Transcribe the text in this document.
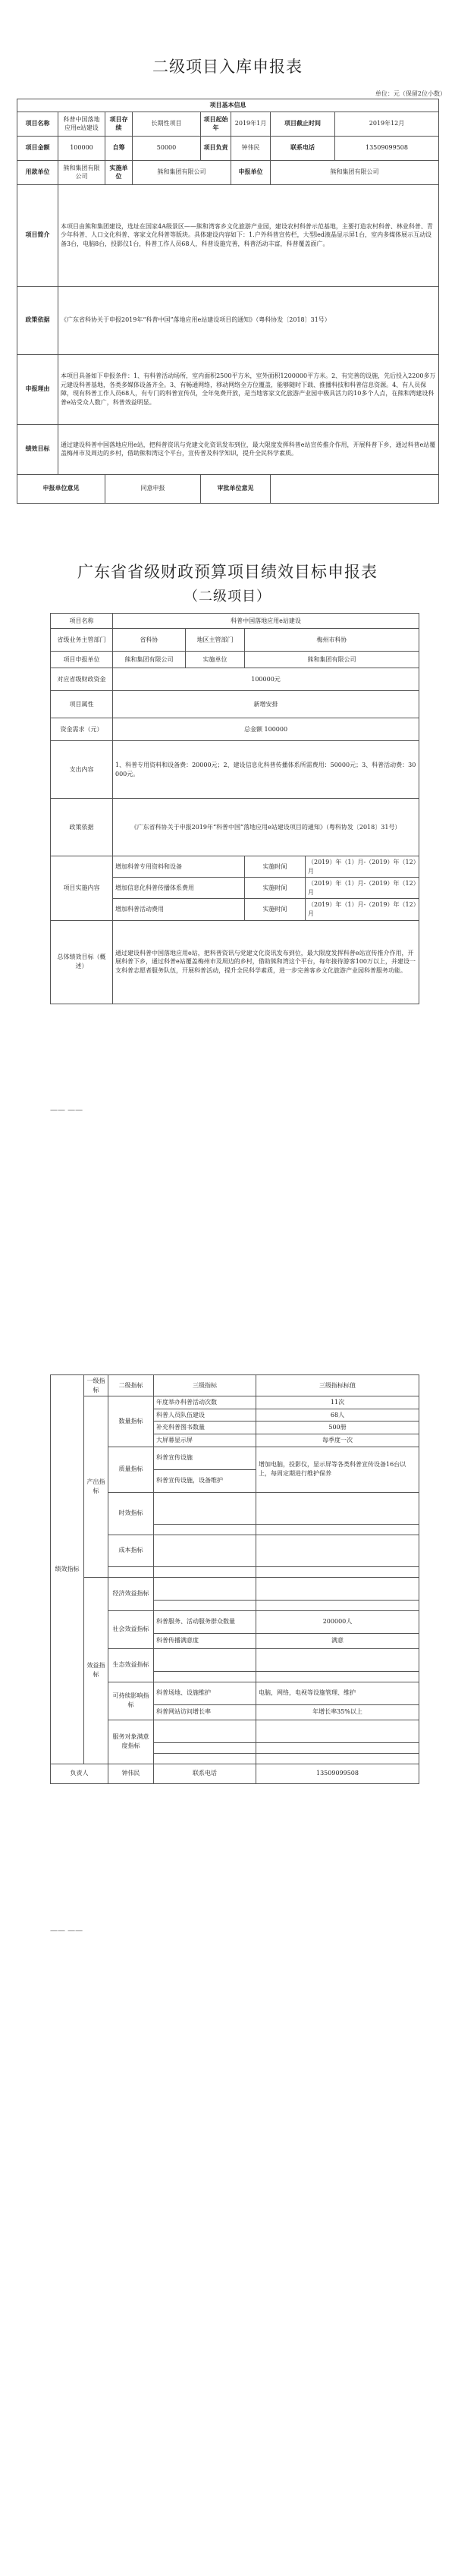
二级项目入库申报表
单位：元（保留2位小数）
项目基本信息							
项目名称	科普中国落地应用e站建设	项目存续	长期性项目	项目起始年	2019年1月	项目截止时间	2019年12月
项目金额	100000	自筹	50000	项目负责	钟伟民	联系电话	13509099508
用款单位	熊和集团有限公司	实施单位	熊和集团有限公司		申报单位	熊和集团有限公司	
项目简介	本项目由熊和集团建设，选址在国家4A级景区——熊和湾客乡文化旅游产业园，建设农村科普示范基地，主要打造农村科普、林业科普、青少年科普、人口文化科普、客家文化科普等版块。具体建设内容如下：1.户外科普宣传栏，大型led液晶显示屏1台，室内多媒体展示互动设备3台，电脑8台，投影仪1台，科普工作人员68人，科普设施完善，科普活动丰富，科普覆盖面广。						
政策依据	《广东省科协关于申报2019年“科普中国”落地应用e站建设项目的通知》（粤科协发〔2018〕31号）						
申报理由	本项目具备如下申报条件：1、有科普活动场所，室内面积2500平方米，室外面积1200000平方米。2、有完善的设施，先后投入2200多万元建设科普基地，各类多媒体设备齐全。3、有畅通网络，移动网络全方位覆盖，能够随时下载、推播科技和科普信息资源。4、有人员保障，现有科普工作人员68人，有专门的科普宣传员，全年免费开放，是当地客家文化旅游产业园中极具活力的10多个人点，在熊和湾建设科普e站受众人数广，科普效益明显。						
绩效目标	通过建设科普中国落地应用e站，把科普资讯与党建文化资讯发布到位，最大限度发挥科普e站宣传推介作用，开展科普下乡，通过科普e站覆盖梅州市及周边的乡村，借助熊和湾这个平台，宣传普及科学知识，提升全民科学素质。						
申报单位意见		同意申报		审批单位意见			
广东省省级财政预算项目绩效目标申报表
（二级项目）
项目名称	科普中国落地应用e站建设			
省级业务主管部门	省科协	地区主管部门	梅州市科协	
项目申报单位	熊和集团有限公司	实施单位	熊和集团有限公司	
对应省级财政资金	100000元			
项目属性	新增安排			
资金需求（元）	总金额 100000			
支出内容	1、科普专用资料和设备费：20000元；2、建设信息化科普传播体系所需费用：50000元；3、科普活动费：30000元。			
政策依据	《广东省科协关于申报2019年“科普中国”落地应用e站建设项目的通知》（粤科协发〔2018〕31号）			
项目实施内容	增加科普专用资料和设备		实施时间	（2019）年（1）月-（2019）年（12）月
	增加信息化科普传播体系费用		实施时间	（2019）年（1）月-（2019）年（12）月
	增加科普活动费用		实施时间	（2019）年（1）月-（2019）年（12）月
总体绩效目标（概述）	通过建设科普中国落地应用e站，把科普资讯与党建文化资讯发布到位，最大限度发挥科普e站宣传推介作用，开展科普下乡，通过科普e站覆盖梅州市及周边的乡村，借助熊和湾这个平台，每年接待游客100万以上，并建设一支科普志愿者服务队伍，开展科普活动，提升全民科学素质，进一步完善客乡文化旅游产业园科普服务功能。			
—— ——
绩效指标	一级指标	二级指标	三级指标	三级指标标值
	产出指标	数量指标	年度举办科普活动次数	11次
			科普人员队伍建设	68人
			补充科普图书数量	500册
			大屏幕显示屏	每季度一次
		质量指标	科普宣传设施	增加电脑，投影仪，显示屏等各类科普宣传设备16台以上，每周定期进行维护保养
			科普宣传设施，设备维护	
		时效指标		

		成本指标		

	效益指标	经济效益指标		

		社会效益指标	科普服务、活动服务群众数量	200000人
			科普传播满意度	满意
		生态效益指标		

		可持续影响指标	科普场地、设施维护	电脑，网络，电视等设施管理、维护
			科普网站访问增长率	年增长率35%以上
		服务对象满意度指标		

负责人		钟伟民	联系电话	13509099508
—— ——
